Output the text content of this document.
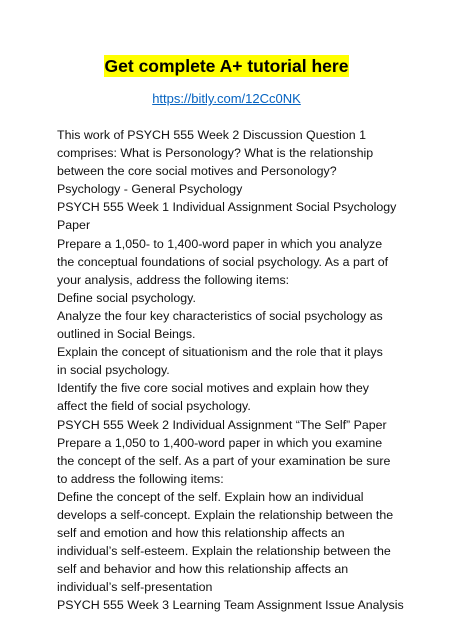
Get complete A+ tutorial here
https://bitly.com/12Cc0NK
This work of PSYCH 555 Week 2 Discussion Question 1
comprises: What is Personology? What is the relationship
between the core social motives and Personology?
Psychology - General Psychology
PSYCH 555 Week 1 Individual Assignment Social Psychology
Paper
Prepare a 1,050- to 1,400-word paper in which you analyze
the conceptual foundations of social psychology. As a part of
your analysis, address the following items:
Define social psychology.
Analyze the four key characteristics of social psychology as
outlined in Social Beings.
Explain the concept of situationism and the role that it plays
in social psychology.
Identify the five core social motives and explain how they
affect the field of social psychology.
PSYCH 555 Week 2 Individual Assignment “The Self” Paper
Prepare a 1,050 to 1,400-word paper in which you examine
the concept of the self. As a part of your examination be sure
to address the following items:
Define the concept of the self. Explain how an individual
develops a self-concept. Explain the relationship between the
self and emotion and how this relationship affects an
individual’s self-esteem. Explain the relationship between the
self and behavior and how this relationship affects an
individual’s self-presentation
PSYCH 555 Week 3 Learning Team Assignment Issue Analysis
